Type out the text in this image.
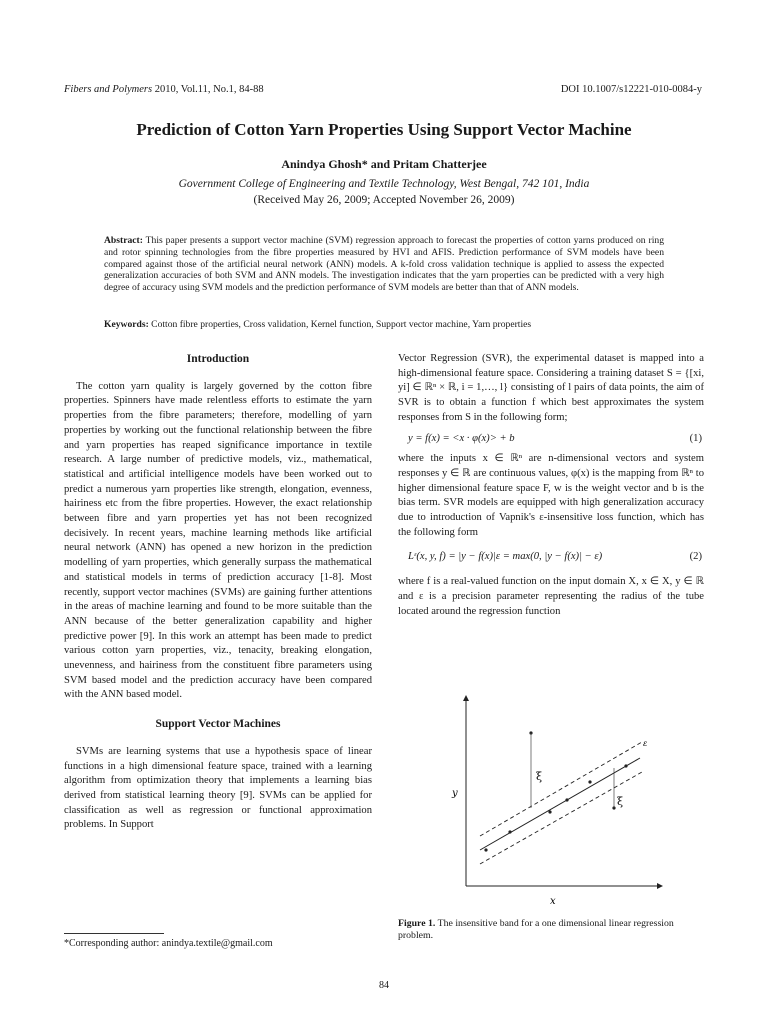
Fibers and Polymers 2010, Vol.11, No.1, 84-88	DOI 10.1007/s12221-010-0084-y
Prediction of Cotton Yarn Properties Using Support Vector Machine
Anindya Ghosh* and Pritam Chatterjee
Government College of Engineering and Textile Technology, West Bengal, 742 101, India
(Received May 26, 2009; Accepted November 26, 2009)
Abstract: This paper presents a support vector machine (SVM) regression approach to forecast the properties of cotton yarns produced on ring and rotor spinning technologies from the fibre properties measured by HVI and AFIS. Prediction performance of SVM models have been compared against those of the artificial neural network (ANN) models. A k-fold cross validation technique is applied to assess the expected generalization accuracies of both SVM and ANN models. The investigation indicates that the yarn properties can be predicted with a very high degree of accuracy using SVM models and the prediction performance of SVM models are better than that of ANN models.
Keywords: Cotton fibre properties, Cross validation, Kernel function, Support vector machine, Yarn properties
Introduction

The cotton yarn quality is largely governed by the cotton fibre properties. Spinners have made relentless efforts to estimate the yarn properties from the fibre parameters; therefore, modelling of yarn properties by working out the functional relationship between the fibre and yarn properties has reaped significance importance in textile research. A large number of predictive models, viz., mathematical, statistical and artificial intelligence models have been worked out to predict a numerous yarn properties like strength, elongation, evenness, hairiness etc from the fibre properties. However, the exact relationship between fibre and yarn properties yet has not been recognized decisively. In recent years, machine learning methods like artificial neural network (ANN) has opened a new horizon in the prediction modelling of yarn properties, which generally surpass the mathematical and statistical models in terms of prediction accuracy [1-8]. Most recently, support vector machines (SVMs) are gaining further attentions in the areas of machine learning and found to be more suitable than the ANN because of the better generalization capability and higher predictive power [9]. In this work an attempt has been made to predict various cotton yarn properties, viz., tenacity, breaking elongation, unevenness, and hairiness from the constituent fibre parameters using SVM based model and the prediction accuracy have been compared with the ANN based model.

Support Vector Machines

SVMs are learning systems that use a hypothesis space of linear functions in a high dimensional feature space, trained with a learning algorithm from optimization theory that implements a learning bias derived from statistical learning theory [9]. SVMs can be applied for classification as well as regression or functional approximation problems. In Support

Vector Regression (SVR), the experimental dataset is mapped into a high-dimensional feature space. Considering a training dataset S = {[xi, yi] ∈ ℝⁿ × ℝ, i = 1,…, l} consisting of l pairs of data points, the aim of SVR is to obtain a function f which best approximates the system responses from S in the following form;

y = f(x) = <x · φ(x)> + b	(1)

where the inputs x ∈ ℝⁿ are n-dimensional vectors and system responses y ∈ ℝ are continuous values, φ(x) is the mapping from ℝⁿ to higher dimensional feature space F, w is the weight vector and b is the bias term. SVR models are equipped with high generalization accuracy due to introduction of Vapnik's ε-insensitive loss function, which has the following form

Lᵋ(x, y, f) = |y − f(x)|ε = max(0, |y − f(x)| − ε)	(2)

where f is a real-valued function on the input domain X, x ∈ X, y ∈ ℝ and ε is a precision parameter representing the radius of the tube located around the regression function

ξ
ξ
ε
y
x
Figure 1. The insensitive band for a one dimensional linear regression problem.
*Corresponding author: anindya.textile@gmail.com
84
